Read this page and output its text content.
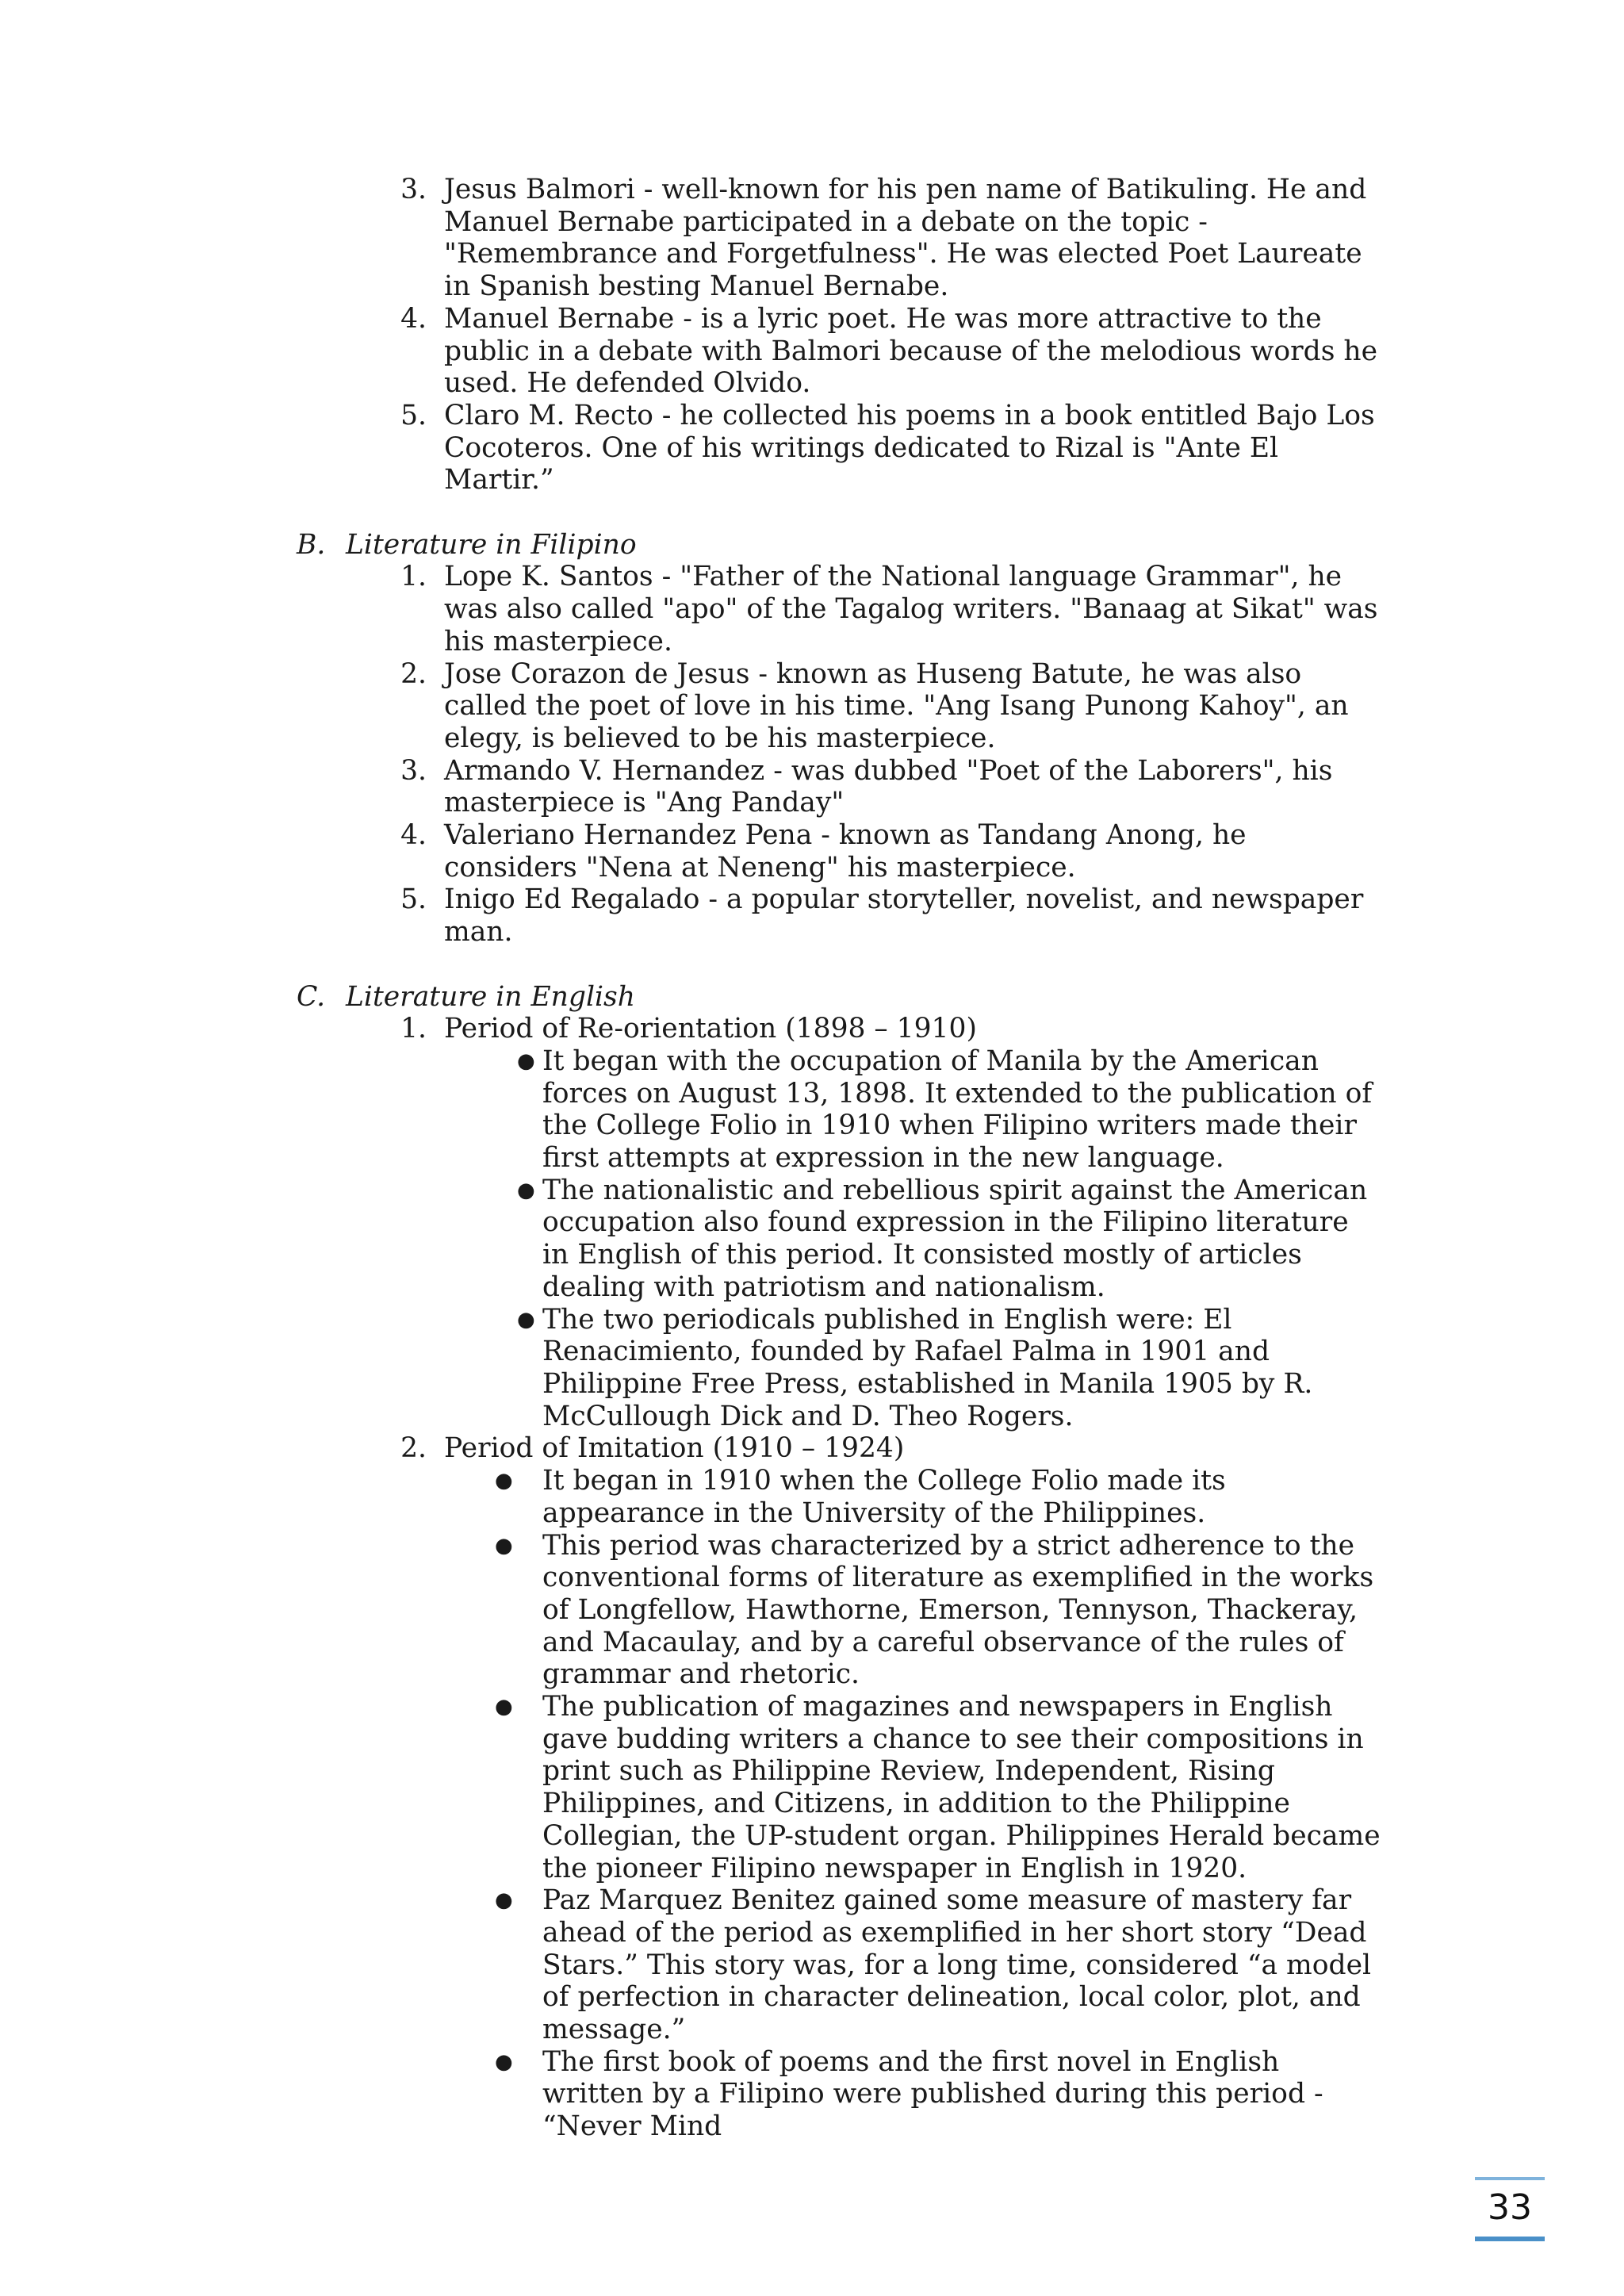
3. Jesus Balmori - well-known for his pen name of Batikuling. He and Manuel Bernabe participated in a debate on the topic - "Remembrance and Forgetfulness". He was elected Poet Laureate in Spanish besting Manuel Bernabe.
4. Manuel Bernabe - is a lyric poet. He was more attractive to the public in a debate with Balmori because of the melodious words he used. He defended Olvido.
5. Claro M. Recto - he collected his poems in a book entitled Bajo Los Cocoteros. One of his writings dedicated to Rizal is "Ante El Martir.”
B. Literature in Filipino
1. Lope K. Santos - "Father of the National language Grammar", he was also called "apo" of the Tagalog writers. "Banaag at Sikat" was his masterpiece.
2. Jose Corazon de Jesus - known as Huseng Batute, he was also called the poet of love in his time. "Ang Isang Punong Kahoy", an elegy, is believed to be his masterpiece.
3. Armando V. Hernandez - was dubbed "Poet of the Laborers", his masterpiece is "Ang Panday"
4. Valeriano Hernandez Pena - known as Tandang Anong, he considers "Nena at Neneng" his masterpiece.
5. Inigo Ed Regalado - a popular storyteller, novelist, and newspaper man.
C. Literature in English
1. Period of Re-orientation (1898 – 1910)
● It began with the occupation of Manila by the American forces on August 13, 1898. It extended to the publication of the College Folio in 1910 when Filipino writers made their first attempts at expression in the new language.
● The nationalistic and rebellious spirit against the American occupation also found expression in the Filipino literature in English of this period. It consisted mostly of articles dealing with patriotism and nationalism.
● The two periodicals published in English were: El Renacimiento, founded by Rafael Palma in 1901 and Philippine Free Press, established in Manila 1905 by R. McCullough Dick and D. Theo Rogers.
2. Period of Imitation (1910 – 1924)
● It began in 1910 when the College Folio made its appearance in the University of the Philippines.
● This period was characterized by a strict adherence to the conventional forms of literature as exemplified in the works of Longfellow, Hawthorne, Emerson, Tennyson, Thackeray, and Macaulay, and by a careful observance of the rules of grammar and rhetoric.
● The publication of magazines and newspapers in English gave budding writers a chance to see their compositions in print such as Philippine Review, Independent, Rising Philippines, and Citizens, in addition to the Philippine Collegian, the UP-student organ. Philippines Herald became the pioneer Filipino newspaper in English in 1920.
● Paz Marquez Benitez gained some measure of mastery far ahead of the period as exemplified in her short story “Dead Stars.” This story was, for a long time, considered “a model of perfection in character delineation, local color, plot, and message.”
● The first book of poems and the first novel in English written by a Filipino were published during this period - “Never Mind
33
